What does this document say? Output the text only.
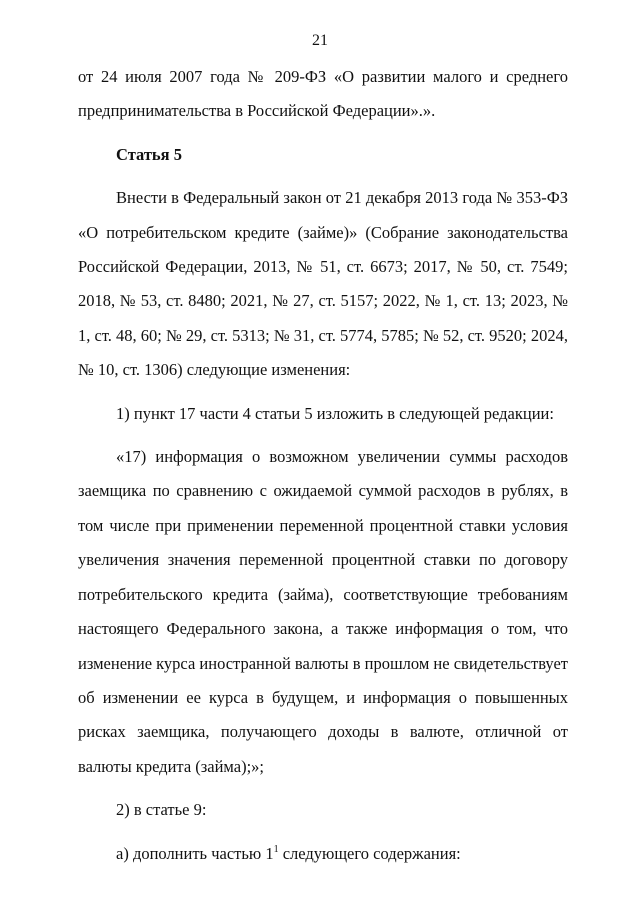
21

от 24 июля 2007 года № 209-ФЗ «О развитии малого и среднего предпринимательства в Российской Федерации».».

Статья 5

Внести в Федеральный закон от 21 декабря 2013 года № 353-ФЗ «О потребительском кредите (займе)» (Собрание законодательства Российской Федерации, 2013, № 51, ст. 6673; 2017, № 50, ст. 7549; 2018, № 53, ст. 8480; 2021, № 27, ст. 5157; 2022, № 1, ст. 13; 2023, № 1, ст. 48, 60; № 29, ст. 5313; № 31, ст. 5774, 5785; № 52, ст. 9520; 2024, № 10, ст. 1306) следующие изменения:

1) пункт 17 части 4 статьи 5 изложить в следующей редакции:

«17) информация о возможном увеличении суммы расходов заемщика по сравнению с ожидаемой суммой расходов в рублях, в том числе при применении переменной процентной ставки условия увеличения значения переменной процентной ставки по договору потребительского кредита (займа), соответствующие требованиям настоящего Федерального закона, а также информация о том, что изменение курса иностранной валюты в прошлом не свидетельствует об изменении ее курса в будущем, и информация о повышенных рисках заемщика, получающего доходы в валюте, отличной от валюты кредита (займа);»;

2) в статье 9:

а) дополнить частью $1^1$ следующего содержания:
